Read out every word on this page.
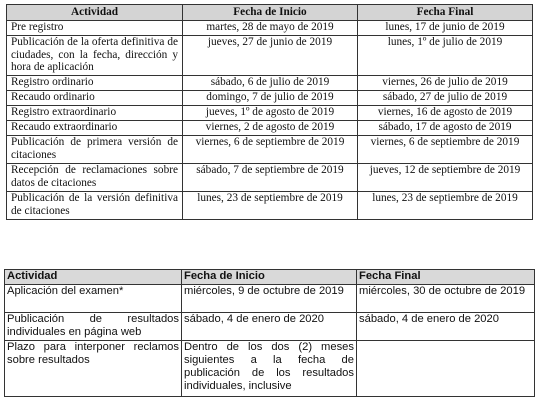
Actividad	Fecha de Inicio	Fecha Final
Pre registro	martes, 28 de mayo de 2019	lunes, 17 de junio de 2019
Publicación de la oferta definitiva de ciudades, con la fecha, dirección y hora de aplicación	jueves, 27 de junio de 2019	lunes, 1º de julio de 2019
Registro ordinario	sábado, 6 de julio de 2019	viernes, 26 de julio de 2019
Recaudo ordinario	domingo, 7 de julio de 2019	sábado, 27 de julio de 2019
Registro extraordinario	jueves, 1º de agosto de 2019	viernes, 16 de agosto de 2019
Recaudo extraordinario	viernes, 2 de agosto de 2019	sábado, 17 de agosto de 2019
Publicación de primera versión de citaciones	viernes, 6 de septiembre de 2019	viernes, 6 de septiembre de 2019
Recepción de reclamaciones sobre datos de citaciones	sábado, 7 de septiembre de 2019	jueves, 12 de septiembre de 2019
Publicación de la versión definitiva de citaciones	lunes, 23 de septiembre de 2019	lunes, 23 de septiembre de 2019
Actividad	Fecha de Inicio	Fecha Final
Aplicación del examen*	miércoles, 9 de octubre de 2019	miércoles, 30 de octubre de 2019
Publicación de resultados individuales en página web	sábado, 4 de enero de 2020	sábado, 4 de enero de 2020
Plazo para interponer reclamos sobre resultados	Dentro de los dos (2) meses siguientes a la fecha de publicación de los resultados individuales, inclusive	
